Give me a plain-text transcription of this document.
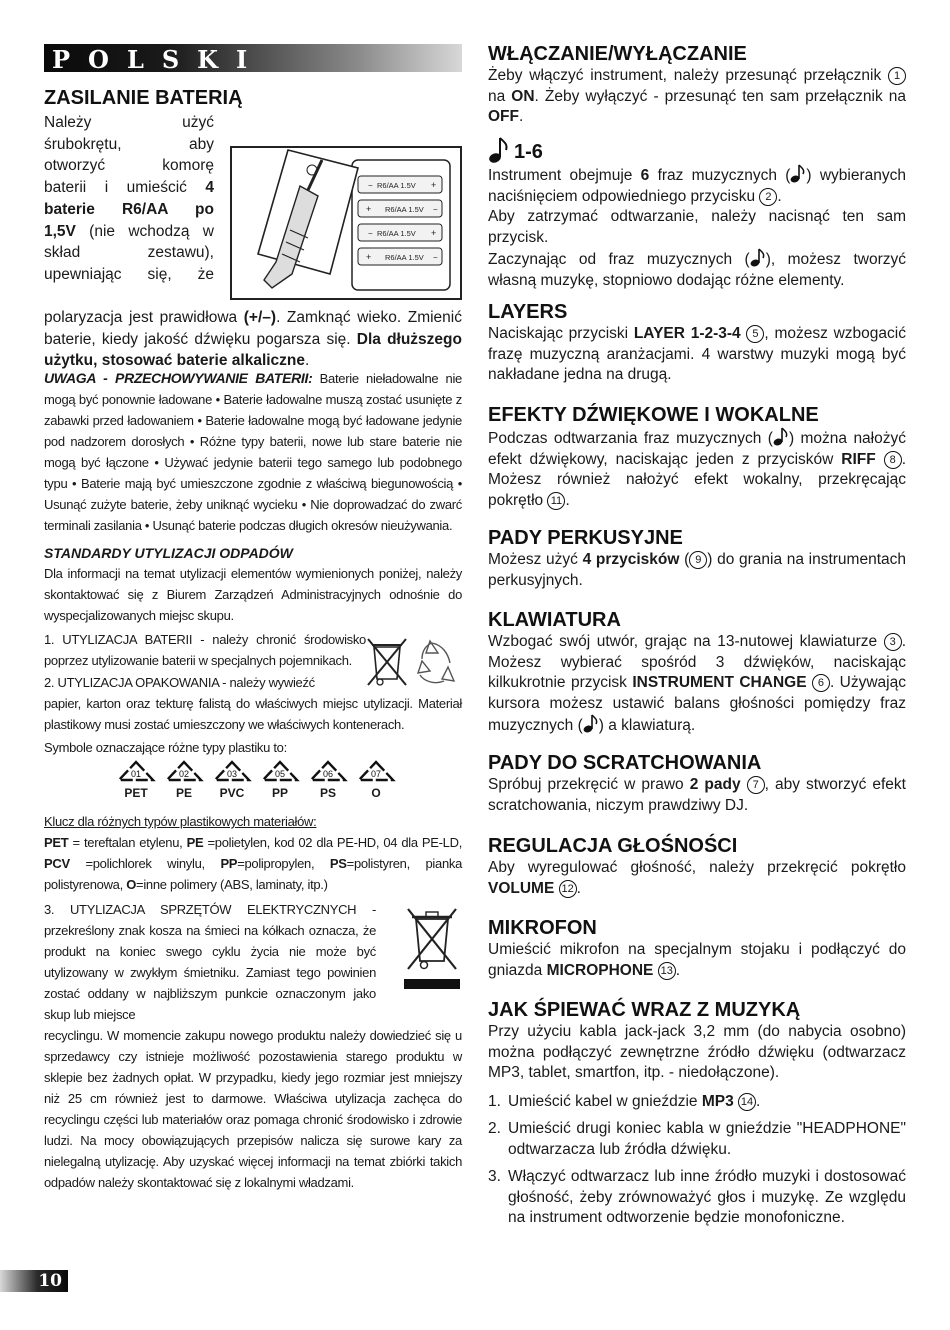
POLSKI
ZASILANIE BATERIĄ
Należy użyć
śrubokrętu, aby
otworzyć komorę
baterii i umieścić 4
baterie R6/AA po
1,5V (nie wchodzą w
skład zestawu),
upewniając się, że
− R6/AA 1.5V +
+ R6/AA 1.5V −
− R6/AA 1.5V +
+ R6/AA 1.5V −

polaryzacja jest prawidłowa (+/–). Zamknąć wieko. Zmienić baterie, kiedy jakość dźwięku pogarsza się. Dla dłuższego użytku, stosować baterie alkaliczne.

UWAGA - PRZECHOWYWANIE BATERII: Baterie nieładowalne nie mogą być ponownie ładowane • Baterie ładowalne muszą zostać usunięte z zabawki przed ładowaniem • Baterie ładowalne mogą być ładowane jedynie pod nadzorem dorosłych • Różne typy baterii, nowe lub stare baterie nie mogą być łączone • Używać jedynie baterii tego samego lub podobnego typu • Baterie mają być umieszczone zgodnie z właściwą biegunowością • Usunąć zużyte baterie, żeby uniknąć wycieku • Nie doprowadzać do zwarć terminali zasilania • Usunąć baterie podczas długich okresów nieużywania.

STANDARDY UTYLIZACJI ODPADÓW

Dla informacji na temat utylizacji elementów wymienionych poniżej, należy skontaktować się z Biurem Zarządzeń Administracyjnych odnośnie do wyspecjalizowanych miejsc skupu.

1. UTYLIZACJA BATERII - należy chronić środowisko poprzez utylizowanie baterii w specjalnych pojemnikach.

2. UTYLIZACJA OPAKOWANIA - należy wywieźć

papier, karton oraz tekturę falistą do właściwych miejsc utylizacji. Materiał plastikowy musi zostać umieszczony we właściwych kontenerach.

Symbole oznaczające różne typy plastiku to:

01
PET
02
PE
03
PVC
05
PP
06
PS
07
O

Klucz dla różnych typów plastikowych materiałów:

PET = tereftalan etylenu, PE =polietylen, kod 02 dla PE-HD, 04 dla PE-LD, PCV =polichlorek winylu, PP=polipropylen, PS=polistyren, pianka polistyrenowa, O=inne polimery (ABS, laminaty, itp.)

3. UTYLIZACJA SPRZĘTÓW ELEKTRYCZNYCH - przekreślony znak kosza na śmieci na kółkach oznacza, że produkt na koniec swego cyklu życia nie może być utylizowany w zwykłym śmietniku. Zamiast tego powinien zostać oddany w najbliższym punkcie oznaczonym jako skup lub miejsce

recyclingu. W momencie zakupu nowego produktu należy dowiedzieć się u sprzedawcy czy istnieje możliwość pozostawienia starego produktu w sklepie bez żadnych opłat. W przypadku, kiedy jego rozmiar jest mniejszy niż 25 cm również jest to darmowe. Właściwa utylizacja zachęca do recyclingu części lub materiałów oraz pomaga chronić środowisko i zdrowie ludzi. Na mocy obowiązujących przepisów nalicza się surowe kary za nielegalną utylizację. Aby uzyskać więcej informacji na temat zbiórki takich odpadów należy skontaktować się z lokalnymi władzami.

WŁĄCZANIE/WYŁĄCZANIE

Żeby włączyć instrument, należy przesunąć przełącznik 1 na ON. Żeby wyłączyć - przesunąć ten sam przełącznik na OFF.

1-6

Instrument obejmuje 6 fraz muzycznych ( ) wybieranych naciśnięciem odpowiedniego przycisku 2 .

Aby zatrzymać odtwarzanie, należy nacisnąć ten sam przycisk.

Zaczynając od fraz muzycznych ( ), możesz tworzyć własną muzykę, stopniowo dodając różne elementy.

LAYERS

Naciskając przyciski LAYER 1-2-3-4 5 , możesz wzbogacić frazę muzyczną aranżacjami. 4 warstwy muzyki mogą być nakładane jedna na drugą.

EFEKTY DŹWIĘKOWE I WOKALNE

Podczas odtwarzania fraz muzycznych ( ) można nałożyć efekt dźwiękowy, naciskając jeden z przycisków RIFF 8 . Możesz również nałożyć efekt wokalny, przekręcając pokrętło 11 .

PADY PERKUSYJNE

Możesz użyć 4 przycisków ( 9 ) do grania na instrumentach perkusyjnych.

KLAWIATURA

Wzbogać swój utwór, grając na 13-nutowej klawiaturze 3 . Możesz wybierać spośród 3 dźwięków, naciskając kilkukrotnie przycisk INSTRUMENT CHANGE 6 . Używając kursora możesz ustawić balans głośności pomiędzy fraz muzycznych ( ) a klawiaturą.

PADY DO SCRATCHOWANIA

Spróbuj przekręcić w prawo 2 pady 7 , aby stworzyć efekt scratchowania, niczym prawdziwy DJ.

REGULACJA GŁOŚNOŚCI

Aby wyregulować głośność, należy przekręcić pokrętło VOLUME 12 .

MIKROFON

Umieścić mikrofon na specjalnym stojaku i podłączyć do gniazda MICROPHONE 13 .

JAK ŚPIEWAĆ WRAZ Z MUZYKĄ

Przy użyciu kabla jack-jack 3,2 mm (do nabycia osobno) można podłączyć zewnętrzne źródło dźwięku (odtwarzacz MP3, tablet, smartfon, itp. - niedołączone).

1. Umieścić kabel w gnieździe MP3 14 .
2. Umieścić drugi koniec kabla w gnieździe "HEADPHONE" odtwarzacza lub źródła dźwięku.
3. Włączyć odtwarzacz lub inne źródło muzyki i dostosować głośność, żeby zrównoważyć głos i muzykę. Ze względu na instrument odtworzenie będzie monofoniczne.
10
